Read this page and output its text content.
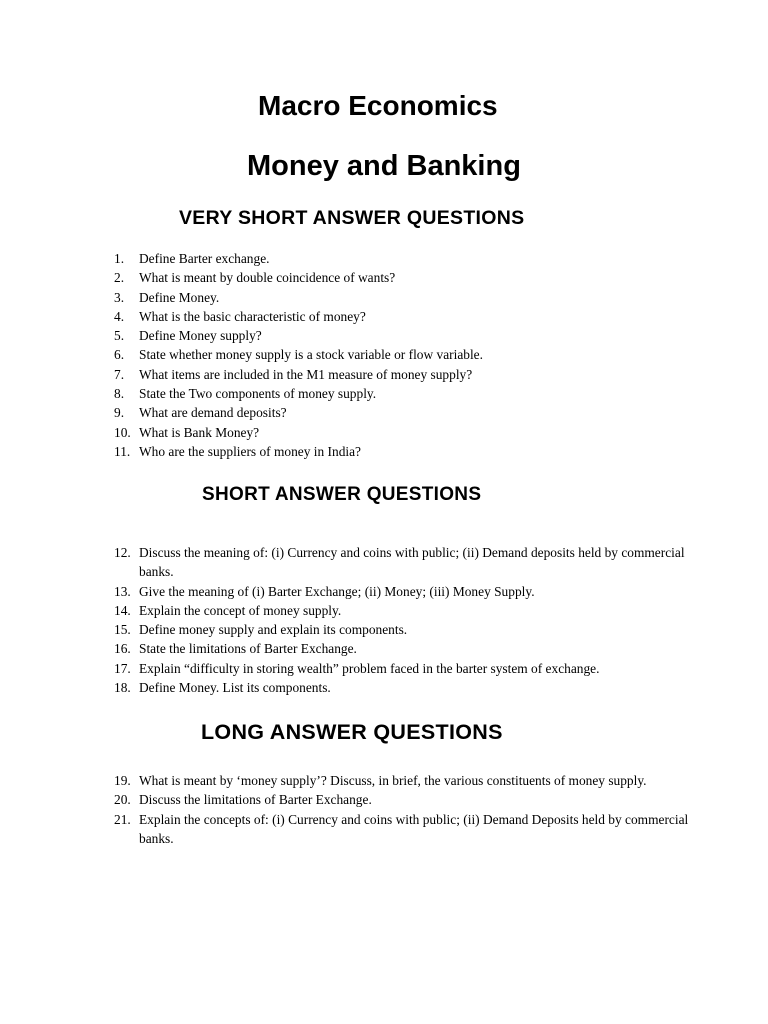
Macro Economics
Money and Banking
VERY SHORT ANSWER QUESTIONS
1. Define Barter exchange.
2. What is meant by double coincidence of wants?
3. Define Money.
4. What is the basic characteristic of money?
5. Define Money supply?
6. State whether money supply is a stock variable or flow variable.
7. What items are included in the M1 measure of money supply?
8. State the Two components of money supply.
9. What are demand deposits?
10. What is Bank Money?
11. Who are the suppliers of money in India?
SHORT ANSWER QUESTIONS
12. Discuss the meaning of: (i) Currency and coins with public; (ii) Demand deposits held by commercial banks.
13. Give the meaning of (i) Barter Exchange; (ii) Money; (iii) Money Supply.
14. Explain the concept of money supply.
15. Define money supply and explain its components.
16. State the limitations of Barter Exchange.
17. Explain “difficulty in storing wealth” problem faced in the barter system of exchange.
18. Define Money. List its components.
LONG ANSWER QUESTIONS
19. What is meant by ‘money supply’? Discuss, in brief, the various constituents of money supply.
20. Discuss the limitations of Barter Exchange.
21. Explain the concepts of: (i) Currency and coins with public; (ii) Demand Deposits held by commercial banks.
